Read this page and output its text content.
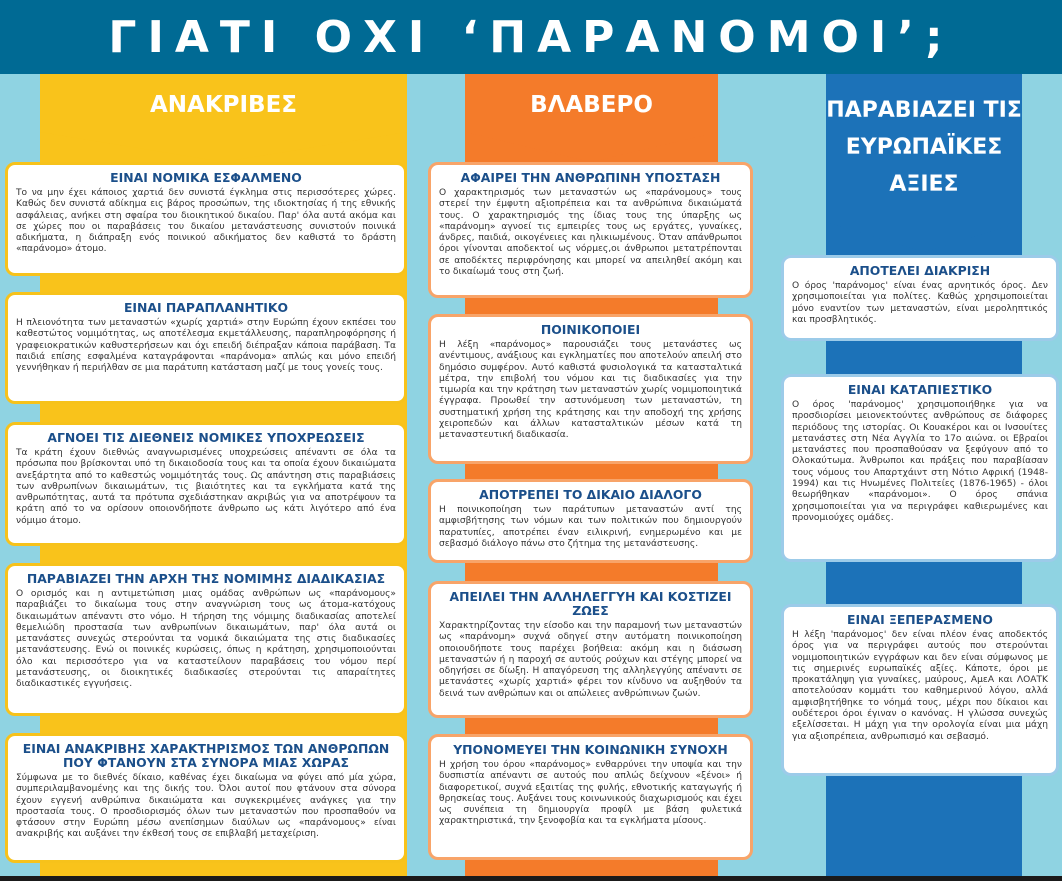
ΓΙΑΤΙ ΟΧΙ ‘ΠΑΡΑΝΟΜΟΙ’;
ΑΝΑΚΡΙΒΕΣ	ΒΛΑΒΕΡΟ	ΠΑΡΑΒΙΑΖΕΙ ΤΙΣ ΕΥΡΩΠΑΪΚΕΣ ΑΞΙΕΣ
ΕΙΝΑΙ ΝΟΜΙΚΑ ΕΣΦΑΛΜΕΝΟ

Το να μην έχει κάποιος χαρτιά δεν συνιστά έγκλημα στις περισσότερες χώρες. Καθώς δεν συνιστά αδίκημα εις βάρος προσώπων, της ιδιοκτησίας ή της εθνικής ασφάλειας, ανήκει στη σφαίρα του διοικητικού δικαίου. Παρ' όλα αυτά ακόμα και σε χώρες που οι παραβάσεις του δικαίου μετανάστευσης συνιστούν ποινικά αδικήματα, η διάπραξη ενός ποινικού αδικήματος δεν καθιστά το δράστη «παράνομο» άτομο.

ΕΙΝΑΙ ΠΑΡΑΠΛΑΝΗΤΙΚΟ

Η πλειονότητα των μεταναστών «χωρίς χαρτιά» στην Ευρώπη έχουν εκπέσει του καθεστώτος νομιμότητας, ως αποτέλεσμα εκμετάλλευσης, παραπληροφόρησης ή γραφειοκρατικών καθυστερήσεων και όχι επειδή διέπραξαν κάποια παράβαση. Τα παιδιά επίσης εσφαλμένα καταγράφονται «παράνομα» απλώς και μόνο επειδή γεννήθηκαν ή περιήλθαν σε μια παράτυπη κατάσταση μαζί με τους γονείς τους.

ΑΓΝΟΕΙ ΤΙΣ ΔΙΕΘΝΕΙΣ ΝΟΜΙΚΕΣ ΥΠΟΧΡΕΩΣΕΙΣ

Τα κράτη έχουν διεθνώς αναγνωρισμένες υποχρεώσεις απέναντι σε όλα τα πρόσωπα που βρίσκονται υπό τη δικαιοδοσία τους και τα οποία έχουν δικαιώματα ανεξάρτητα από το καθεστώς νομιμότητάς τους. Ως απάντηση στις παραβιάσεις των ανθρωπίνων δικαιωμάτων, τις βιαιότητες και τα εγκλήματα κατά της ανθρωπότητας, αυτά τα πρότυπα σχεδιάστηκαν ακριβώς για να αποτρέψουν τα κράτη από το να ορίσουν οποιονδήποτε άνθρωπο ως κάτι λιγότερο από ένα νόμιμο άτομο.

ΠΑΡΑΒΙΑΖΕΙ ΤΗΝ ΑΡΧΗ ΤΗΣ ΝΟΜΙΜΗΣ ΔΙΑΔΙΚΑΣΙΑΣ

Ο ορισμός και η αντιμετώπιση μιας ομάδας ανθρώπων ως «παράνομους» παραβιάζει το δικαίωμα τους στην αναγνώριση τους ως άτομα-κατόχους δικαιωμάτων απέναντι στο νόμο. Η τήρηση της νόμιμης διαδικασίας αποτελεί θεμελιώδη προστασία των ανθρωπίνων δικαιωμάτων, παρ' όλα αυτά οι μετανάστες συνεχώς στερούνται τα νομικά δικαιώματα της στις διαδικασίες μετανάστευσης. Ενώ οι ποινικές κυρώσεις, όπως η κράτηση, χρησιμοποιούνται όλο και περισσότερο για να καταστείλουν παραβάσεις του νόμου περί μετανάστευσης, οι διοικητικές διαδικασίες στερούνται τις απαραίτητες διαδικαστικές εγγυήσεις.

ΕΙΝΑΙ ΑΝΑΚΡΙΒΗΣ ΧΑΡΑΚΤΗΡΙΣΜΟΣ ΤΩΝ ΑΝΘΡΩΠΩΝ ΠΟΥ ΦΤΑΝΟΥΝ ΣΤΑ ΣΥΝΟΡΑ ΜΙΑΣ ΧΩΡΑΣ

Σύμφωνα με το διεθνές δίκαιο, καθένας έχει δικαίωμα να φύγει από μία χώρα, συμπεριλαμβανομένης και της δικής του. Όλοι αυτοί που φτάνουν στα σύνορα έχουν εγγενή ανθρώπινα δικαιώματα και συγκεκριμένες ανάγκες για την προστασία τους. Ο προσδιορισμός όλων των μεταναστών που προσπαθούν να φτάσουν στην Ευρώπη μέσω ανεπίσημων διαύλων ως «παράνομους» είναι ανακριβής και αυξάνει την έκθεσή τους σε επιβλαβή μεταχείριση.

ΑΦΑΙΡΕΙ ΤΗΝ ΑΝΘΡΩΠΙΝΗ ΥΠΟΣΤΑΣΗ

Ο χαρακτηρισμός των μεταναστών ως «παράνομους» τους στερεί την έμφυτη αξιοπρέπεια και τα ανθρώπινα δικαιώματά τους. Ο χαρακτηρισμός της ίδιας τους της ύπαρξης ως «παράνομη» αγνοεί τις εμπειρίες τους ως εργάτες, γυναίκες, άνδρες, παιδιά, οικογένειες και ηλικιωμένους. Όταν απάνθρωποι όροι γίνονται αποδεκτοί ως νόρμες,οι άνθρωποι μετατρέπονται σε αποδέκτες περιφρόνησης και μπορεί να απειληθεί ακόμη και το δικαίωμά τους στη ζωή.

ΠΟΙΝΙΚΟΠΟΙΕΙ

Η λέξη «παράνομος» παρουσιάζει τους μετανάστες ως ανέντιμους, ανάξιους και εγκληματίες που αποτελούν απειλή στο δημόσιο συμφέρον. Αυτό καθιστά φυσιολογικά τα κατασταλτικά μέτρα, την επιβολή του νόμου και τις διαδικασίες για την τιμωρία και την κράτηση των μεταναστών χωρίς νομιμοποιητικά έγγραφα. Προωθεί την αστυνόμευση των μεταναστών, τη συστηματική χρήση της κράτησης και την αποδοχή της χρήσης χειροπεδών και άλλων κατασταλτικών μέσων κατά τη μεταναστευτική διαδικασία.

ΑΠΟΤΡΕΠΕΙ ΤΟ ΔΙΚΑΙΟ ΔΙΑΛΟΓΟ

Η ποινικοποίηση των παράτυπων μεταναστών αντί της αμφισβήτησης των νόμων και των πολιτικών που δημιουργούν παρατυπίες, αποτρέπει έναν ειλικρινή, ενημερωμένο και με σεβασμό διάλογο πάνω στο ζήτημα της μετανάστευσης.

ΑΠΕΙΛΕΙ ΤΗΝ ΑΛΛΗΛΕΓΓΥΗ ΚΑΙ ΚΟΣΤΙΖΕΙ ΖΩΕΣ

Χαρακτηρίζοντας την είσοδο και την παραμονή των μεταναστών ως «παράνομη» συχνά οδηγεί στην αυτόματη ποινικοποίηση οποιουδήποτε τους παρέχει βοήθεια: ακόμη και η διάσωση μεταναστών ή η παροχή σε αυτούς ρούχων και στέγης μπορεί να οδηγήσει σε δίωξη. Η απαγόρευση της αλληλεγγύης απέναντι σε μετανάστες «χωρίς χαρτιά» φέρει τον κίνδυνο να αυξηθούν τα δεινά των ανθρώπων και οι απώλειες ανθρώπινων ζωών.

ΥΠΟΝΟΜΕΥΕΙ ΤΗΝ ΚΟΙΝΩΝΙΚΗ ΣΥΝΟΧΗ

Η χρήση του όρου «παράνομος» ενθαρρύνει την υποψία και την δυσπιστία απέναντι σε αυτούς που απλώς δείχνουν «ξένοι» ή διαφορετικοί, συχνά εξαιτίας της φυλής, εθνοτικής καταγωγής ή θρησκείας τους. Αυξάνει τους κοινωνικούς διαχωρισμούς και έχει ως συνέπεια τη δημιουργία προφίλ με βάση φυλετικά χαρακτηριστικά, την ξενοφοβία και τα εγκλήματα μίσους.

ΑΠΟΤΕΛΕΙ ΔΙΑΚΡΙΣΗ

Ο όρος 'παράνομος' είναι ένας αρνητικός όρος. Δεν χρησιμοποιείται για πολίτες. Καθώς χρησιμοποιείται μόνο εναντίον των μεταναστών, είναι μεροληπτικός και προσβλητικός.

ΕΙΝΑΙ ΚΑΤΑΠΙΕΣΤΙΚΟ

Ο όρος 'παράνομος' χρησιμοποιήθηκε για να προσδιορίσει μειονεκτούντες ανθρώπους σε διάφορες περιόδους της ιστορίας. Οι Κουακέροι και οι Ινσουίτες μετανάστες στη Νέα Αγγλία το 17ο αιώνα. οι Εβραίοι μετανάστες που προσπαθούσαν να ξεφύγουν από το Ολοκαύτωμα. Άνθρωποι και πράξεις που παραβίασαν τους νόμους του Απαρτχάιντ στη Νότιο Αφρική (1948-1994) και τις Ηνωμένες Πολιτείες (1876-1965) - όλοι θεωρήθηκαν «παράνομοι». Ο όρος σπάνια χρησιμοποιείται για να περιγράφει καθιερωμένες και προνομιούχες ομάδες.

ΕΙΝΑΙ ΞΕΠΕΡΑΣΜΕΝΟ

Η λέξη 'παράνομος' δεν είναι πλέον ένας αποδεκτός όρος για να περιγράφει αυτούς που στερούνται νομιμοποιητικών εγγράφων και δεν είναι σύμφωνος με τις σημερινές ευρωπαϊκές αξίες. Κάποτε, όροι με προκατάληψη για γυναίκες, μαύρους, ΑμεΑ και ΛΟΑΤΚ αποτελούσαν κομμάτι του καθημερινού λόγου, αλλά αμφισβητήθηκε το νόημά τους, μέχρι που δίκαιοι και ουδέτεροι όροι έγιναν ο κανόνας. Η γλώσσα συνεχώς εξελίσσεται. Η μάχη για την ορολογία είναι μια μάχη για αξιοπρέπεια, ανθρωπισμό και σεβασμό.
